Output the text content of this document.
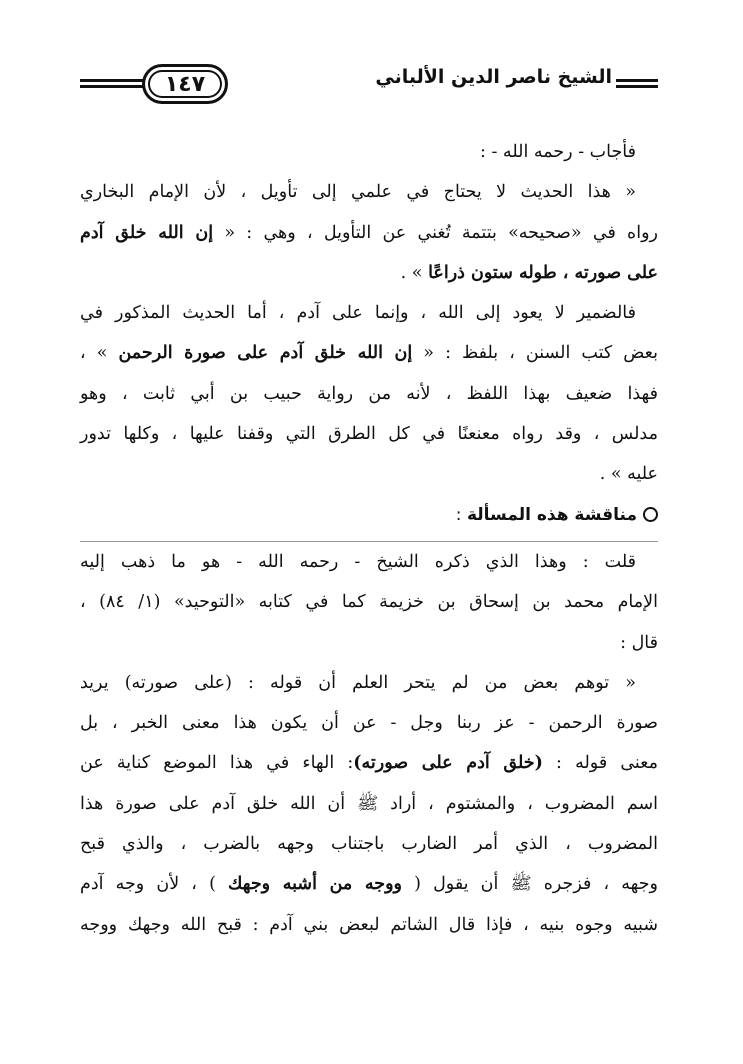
١٤٧	الشيخ ناصر الدين الألباني

فأجاب - رحمه الله - :

« هذا الحديث لا يحتاج في علمي إلى تأويل ، لأن الإمام البخاري

رواه في «صحيحه» بتتمة تُغني عن التأويل ، وهي : « إن الله خلق آدم

على صورته ، طوله ستون ذراعًا » .

فالضمير لا يعود إلى الله ، وإنما على آدم ، أما الحديث المذكور في

بعض كتب السنن ، بلفظ : « إن الله خلق آدم على صورة الرحمن » ،

فهذا ضعيف بهذا اللفظ ، لأنه من رواية حبيب بن أبي ثابت ، وهو

مدلس ، وقد رواه معنعنًا في كل الطرق التي وقفنا عليها ، وكلها تدور

عليه » .

مناقشة هذه المسألة :

قلت : وهذا الذي ذكره الشيخ - رحمه الله - هو ما ذهب إليه

الإمام محمد بن إسحاق بن خزيمة كما في كتابه «التوحيد» (١/ ٨٤) ،

قال :

« توهم بعض من لم يتحر العلم أن قوله : (على صورته) يريد

صورة الرحمن - عز ربنا وجل - عن أن يكون هذا معنى الخبر ، بل

معنى قوله : (خلق آدم على صورته): الهاء في هذا الموضع كناية عن

اسم المضروب ، والمشتوم ، أراد ﷺ أن الله خلق آدم على صورة هذا

المضروب ، الذي أمر الضارب باجتناب وجهه بالضرب ، والذي قبح

وجهه ، فزجره ﷺ أن يقول ( ووجه من أشبه وجهك ) ، لأن وجه آدم

شبيه وجوه بنيه ، فإذا قال الشاتم لبعض بني آدم : قبح الله وجهك ووجه
